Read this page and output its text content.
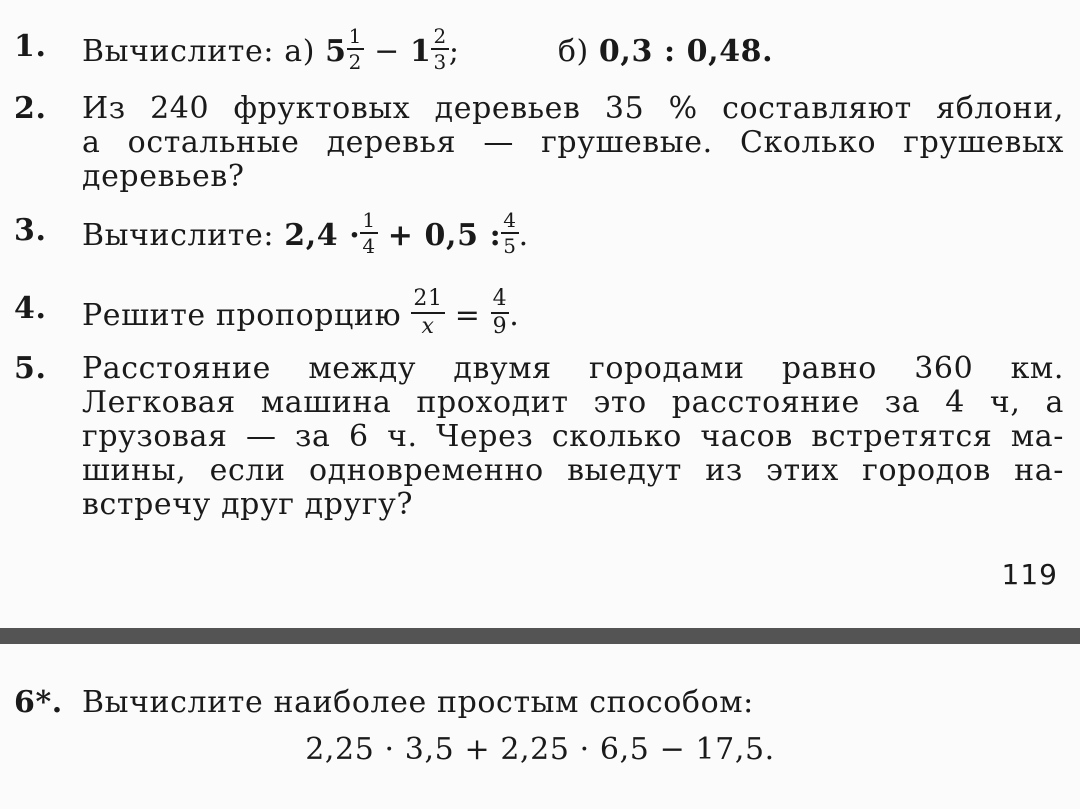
1. Вычислите: а) $5 \frac{1}{2} - 1 \frac{2}{3}$ ;	б) 0,3 : 0,48.
2. Из 240 фруктовых деревьев 35 % составляют яблони,
а остальные деревья — грушевые. Сколько грушевых
деревьев?
3. Вычислите: $2,4 \cdot \frac{1}{4} + 0,5$ : $\frac{4}{5}$ .
4. Решите пропорцию $\frac{21}{x} = \frac{4}{9}$ .
5. Расстояние между двумя городами равно 360 км.
Легковая машина проходит это расстояние за 4 ч, а
грузовая — за 6 ч. Через сколько часов встретятся ма-
шины, если одновременно выедут из этих городов на-
встречу друг другу?
119
6*. Вычислите наиболее простым способом:
2,25 · 3,5 + 2,25 · 6,5 − 17,5.
